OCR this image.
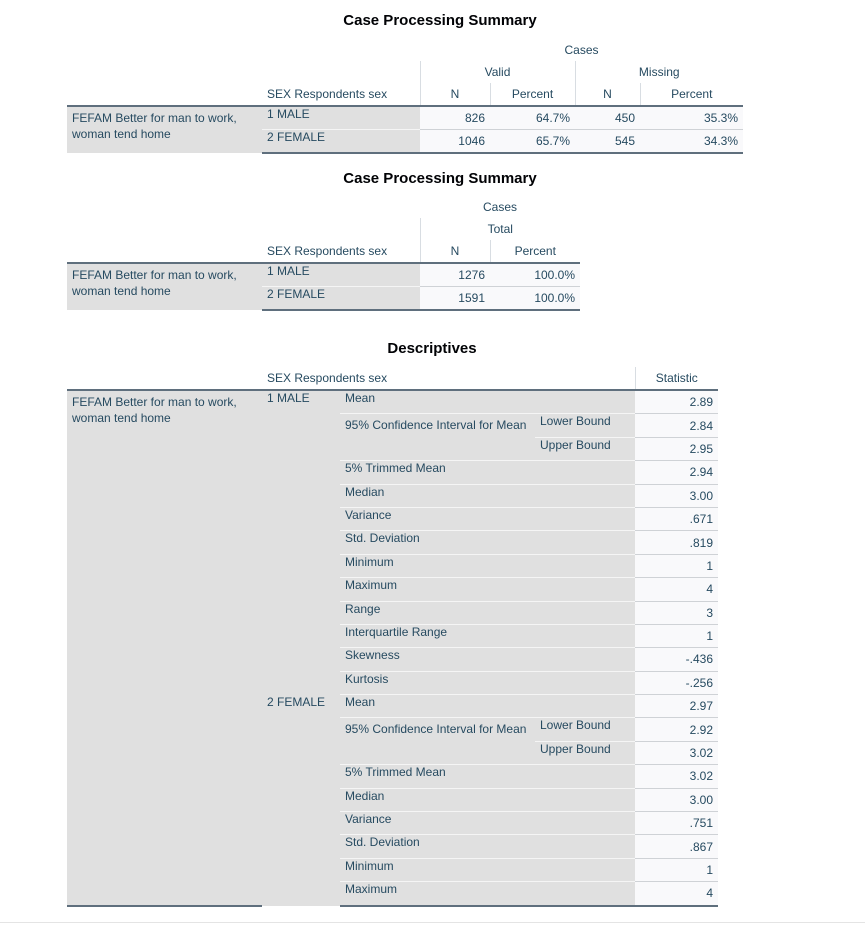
Case Processing Summary
		Cases			
		Valid		Missing	
	SEX Respondents sex	N	Percent	N	Percent
FEFAM Better for man to work, woman tend home	1 MALE	826	64.7%	450	35.3%
	2 FEMALE	1046	65.7%	545	34.3%
Case Processing Summary
		Cases	
		Total	
	SEX Respondents sex	N	Percent
FEFAM Better for man to work, woman tend home	1 MALE	1276	100.0%
	2 FEMALE	1591	100.0%
Descriptives
	SEX Respondents sex			Statistic
FEFAM Better for man to work, woman tend home	1 MALE	Mean		2.89
		95% Confidence Interval for Mean	Lower Bound	2.84
			Upper Bound	2.95
		5% Trimmed Mean		2.94
		Median		3.00
		Variance		.671
		Std. Deviation		.819
		Minimum		1
		Maximum		4
		Range		3
		Interquartile Range		1
		Skewness		-.436
		Kurtosis		-.256
	2 FEMALE	Mean		2.97
		95% Confidence Interval for Mean	Lower Bound	2.92
			Upper Bound	3.02
		5% Trimmed Mean		3.02
		Median		3.00
		Variance		.751
		Std. Deviation		.867
		Minimum		1
		Maximum		4
